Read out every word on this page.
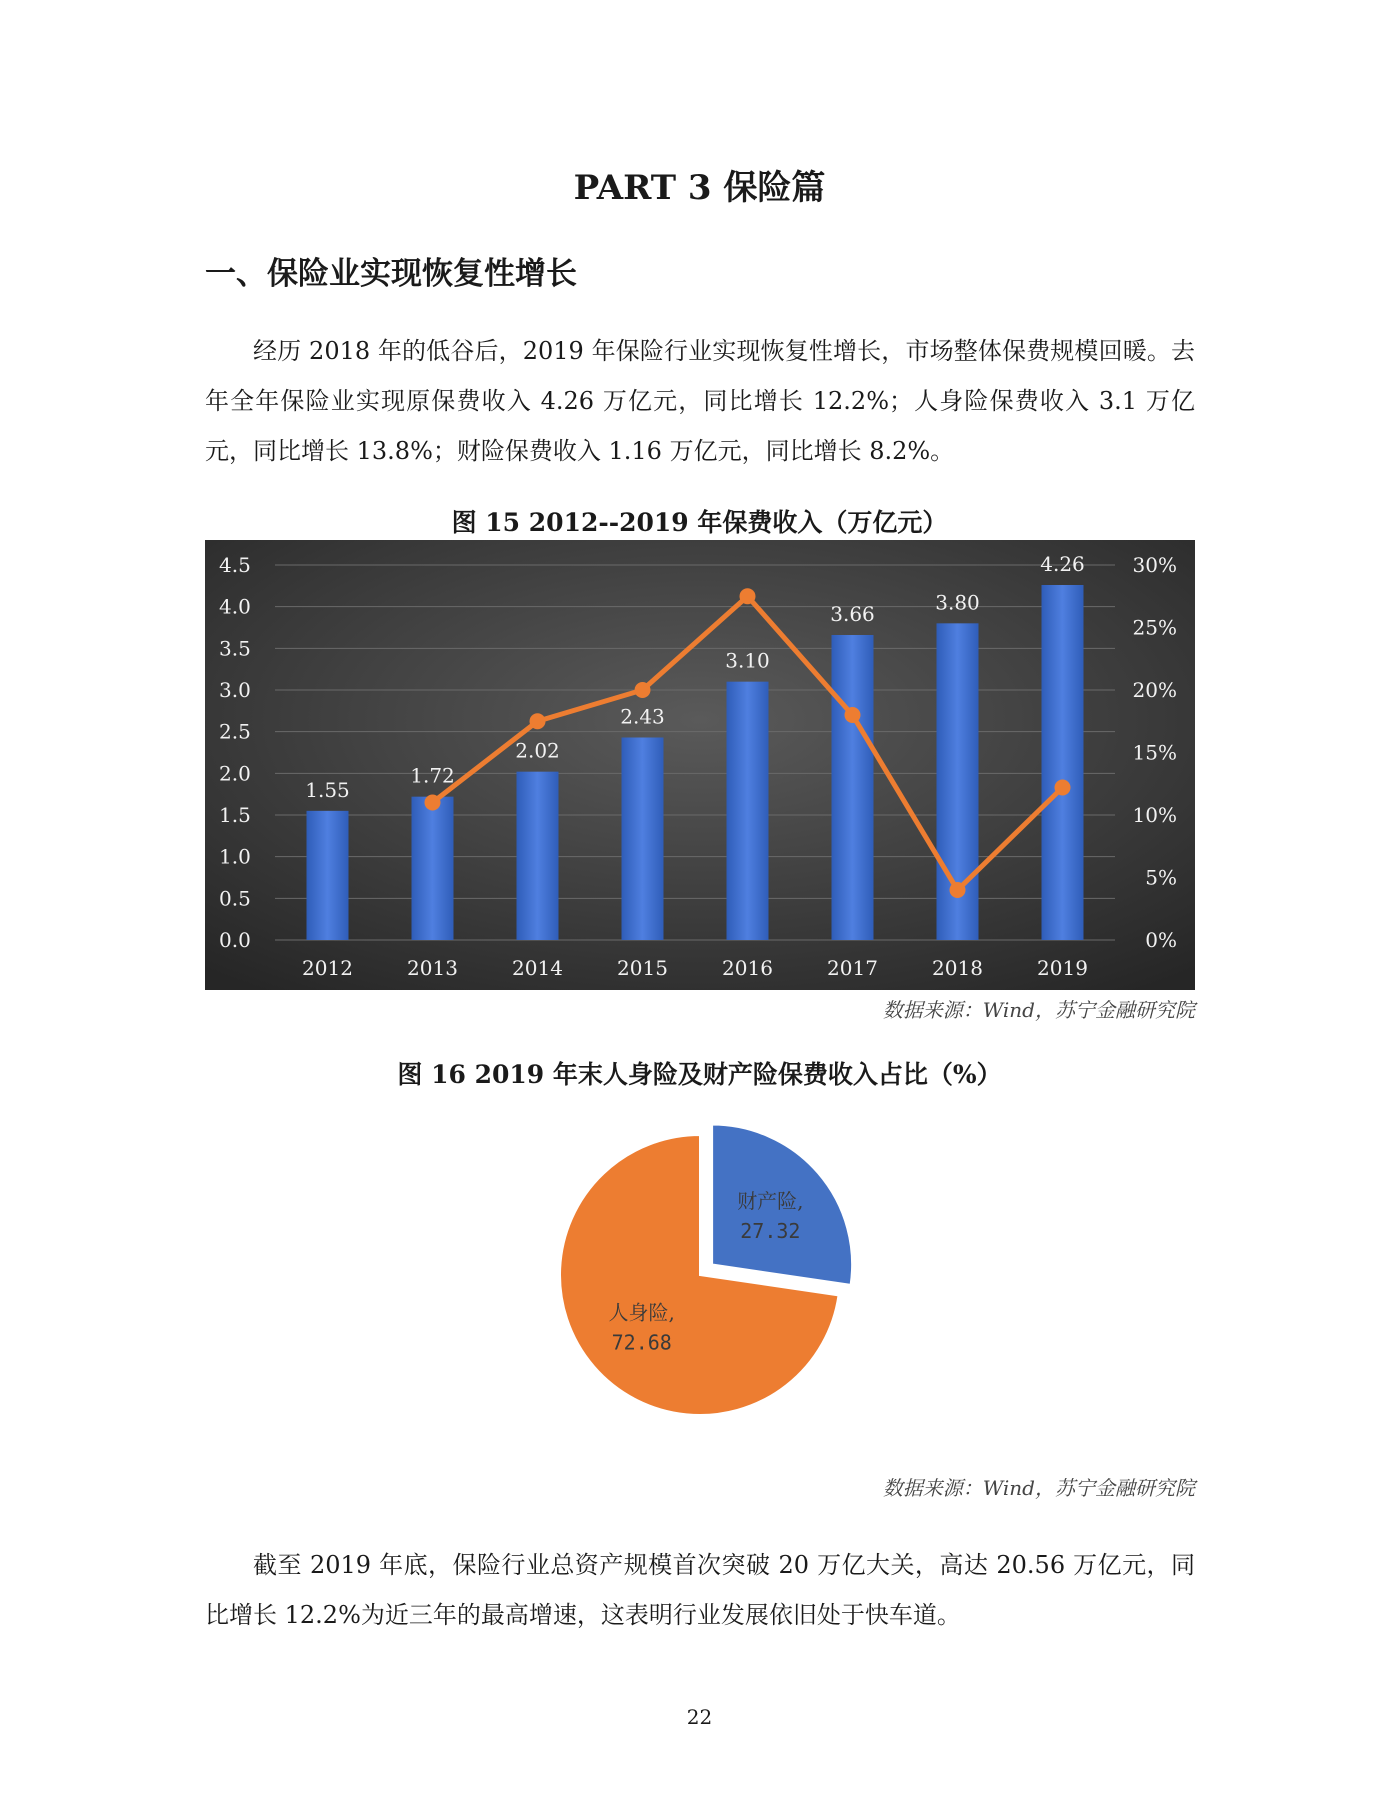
PART 3 保险篇
一、保险业实现恢复性增长

经历 2018 年的低谷后，2019 年保险行业实现恢复性增长，市场整体保费规模回暖。去年全年保险业实现原保费收入 4.26 万亿元，同比增长 12.2%；人身险保费收入 3.1 万亿元，同比增长 13.8%；财险保费收入 1.16 万亿元，同比增长 8.2%。

图 15 2012--2019 年保费收入（万亿元）
0.0
0.5
1.0
1.5
2.0
2.5
3.0
3.5
4.0
4.5
0%
5%
10%
15%
20%
25%
30%
1.55
2012
1.72
2013
2.02
2014
2.43
2015
3.10
2016
3.66
2017
3.80
2018
4.26
2019
数据来源：Wind，苏宁金融研究院
图 16 2019 年末人身险及财产险保费收入占比（%）
财产险,
27.32
人身险,
72.68
数据来源：Wind，苏宁金融研究院

截至 2019 年底，保险行业总资产规模首次突破 20 万亿大关，高达 20.56 万亿元，同比增长 12.2%为近三年的最高增速，这表明行业发展依旧处于快车道。

22
